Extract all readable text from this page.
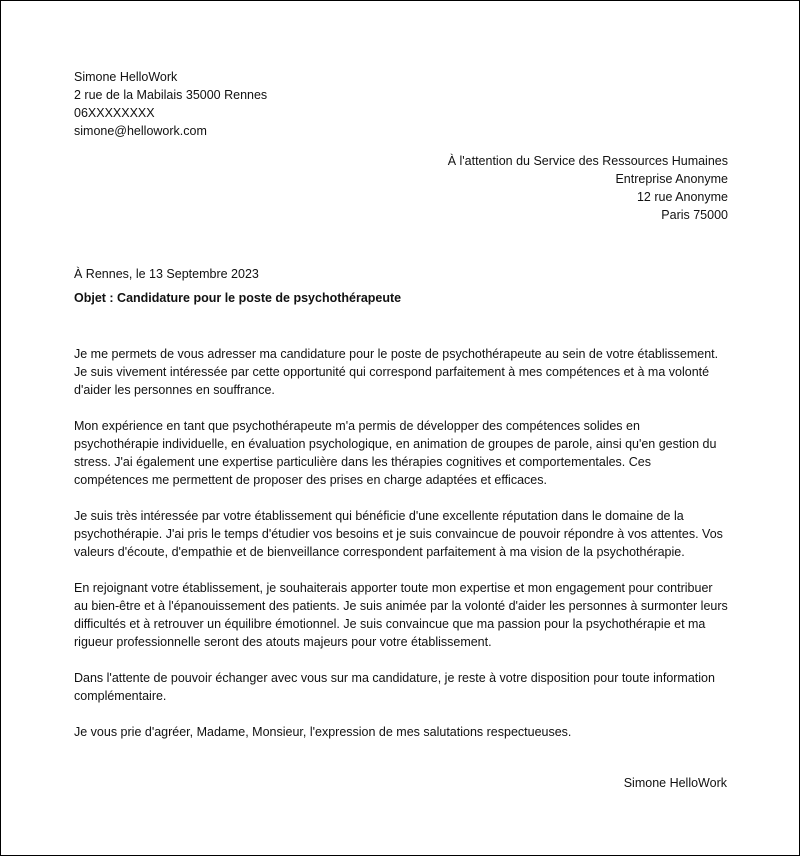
Simone HelloWork
2 rue de la Mabilais 35000 Rennes
06XXXXXXXX
simone@hellowork.com
À l'attention du Service des Ressources Humaines
Entreprise Anonyme
12 rue Anonyme
Paris 75000
À Rennes, le 13 Septembre 2023
Objet : Candidature pour le poste de psychothérapeute

Je me permets de vous adresser ma candidature pour le poste de psychothérapeute au sein de votre établissement. Je suis vivement intéressée par cette opportunité qui correspond parfaitement à mes compétences et à ma volonté d'aider les personnes en souffrance.

Mon expérience en tant que psychothérapeute m'a permis de développer des compétences solides en psychothérapie individuelle, en évaluation psychologique, en animation de groupes de parole, ainsi qu'en gestion du stress. J'ai également une expertise particulière dans les thérapies cognitives et comportementales. Ces compétences me permettent de proposer des prises en charge adaptées et efficaces.

Je suis très intéressée par votre établissement qui bénéficie d'une excellente réputation dans le domaine de la psychothérapie. J'ai pris le temps d'étudier vos besoins et je suis convaincue de pouvoir répondre à vos attentes. Vos valeurs d'écoute, d'empathie et de bienveillance correspondent parfaitement à ma vision de la psychothérapie.

En rejoignant votre établissement, je souhaiterais apporter toute mon expertise et mon engagement pour contribuer au bien-être et à l'épanouissement des patients. Je suis animée par la volonté d'aider les personnes à surmonter leurs difficultés et à retrouver un équilibre émotionnel. Je suis convaincue que ma passion pour la psychothérapie et ma rigueur professionnelle seront des atouts majeurs pour votre établissement.

Dans l'attente de pouvoir échanger avec vous sur ma candidature, je reste à votre disposition pour toute information complémentaire.

Je vous prie d'agréer, Madame, Monsieur, l'expression de mes salutations respectueuses.

Simone HelloWork
